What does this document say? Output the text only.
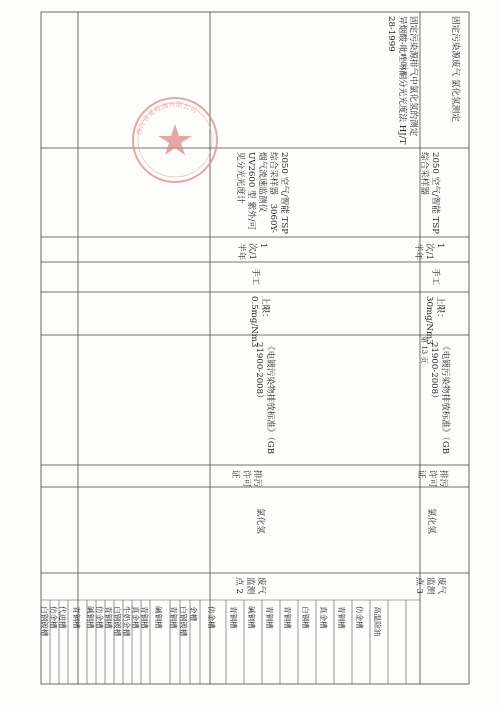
浙江省某检测有限公司
第 13 页
固定污染源排气中氯化氢的测定　异烟酸-吡唑啉酮分光光度法 HJ/T 28-1999
2050 空气/智能 TSP 综合采样器　3060Y-烟气流速监测仪　UV2600 型 紫外/可见分光光度计
1 次/1 半年
手工
上限：0.5mg/Nm3
《电镀污染物排放标准》（GB 21900-2008）
排污许可证
氯化氢
废气监测点 2
固定污染源废气 氯化氢测定
2050 空气/智能 TSP 综合采样器
1 次/1 半年
手工
上限：30mg/Nm3
《电镀污染物排放标准》（GB 21900-2008）
排污许可证
氯化氢
废气监测点 3
白钢镀槽 仿金槽 代进槽 青铜槽 碱铜槽 仿金槽 青铜槽 白钢镀槽 牛奶金槽 真金槽 青铜槽 碱铜槽 青铜槽 白钢镀槽 金槽 仿金槽 青铜槽 碱铜槽 青铜槽 青铜槽 白钢槽 真金槽 青铜槽 仿金槽 高温除油
